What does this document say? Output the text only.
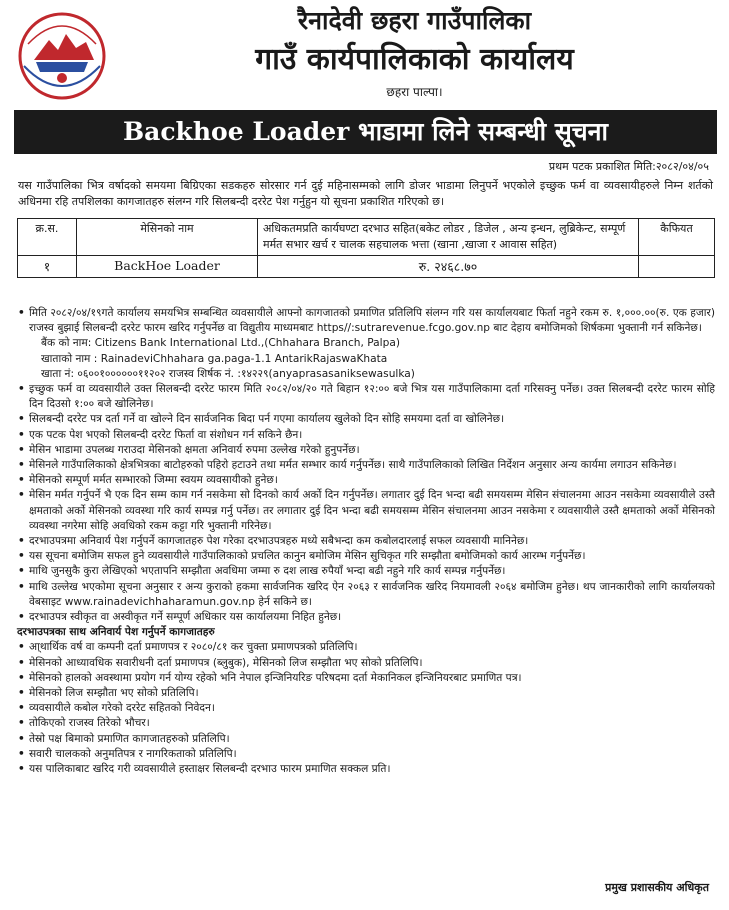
रैनादेवी छहरा गाउँपालिका
गाउँ कार्यपालिकाको कार्यालय
छहरा पाल्पा।
Backhoe Loader भाडामा लिने सम्बन्धी सूचना
प्रथम पटक प्रकाशित मिति:२०८२/०४/०५
यस गाउँपालिका भित्र वर्षादको समयमा बिग्रिएका सडकहरु सोरसार गर्न दुई महिनासम्मको लागि डोजर भाडामा लिनुपर्ने भएकोले इच्छुक फर्म वा व्यवसायीहरुले निम्न शर्तको अधिनमा रहि तपशिलका कागजातहरु संलग्न गरि सिलबन्दी दररेट पेश गर्नुहुन यो सूचना प्रकाशित गरिएको छ।
क्र.स.	मेसिनको नाम	अधिकतमप्रति कार्यघण्टा दरभाउ सहित(बकेट लोडर , डिजेल , अन्य इन्धन, लुब्रिकेन्ट, सम्पूर्ण मर्मत सभार खर्च र चालक सहचालक भत्ता (खाना ,खाजा र आवास सहित)	कैफियत
१	BackHoe Loader	रु. २४६८.७०	
• मिति २०८२/०४/१९गते कार्यालय समयभित्र सम्बन्धित व्यवसायीले आफ्नो कागजातको प्रमाणित प्रतिलिपि संलग्न गरि यस कार्यालयबाट फिर्ता नहुने रकम रु. १,०००.००(रु. एक हजार) राजस्व बुझाई सिलबन्दी दररेट फारम खरिद गर्नुपर्नेछ वा विद्युतीय माध्यमबाट https//:sutrarevenue.fcgo.gov.np बाट देहाय बमोजिमको शिर्षकमा भुक्तानी गर्न सकिनेछ।
बैंक को नाम: Citizens Bank International Ltd.,(Chhahara Branch, Palpa)
खाताको नाम : RainadeviChhahara ga.paga-1.1 AntarikRajaswaKhata
खाता नं: ०६००१००००००११२०२ राजस्व शिर्षक नं. :१४२२९(anyaprasasaniksewasulka)
• इच्छुक फर्म वा व्यवसायीले उक्त सिलबन्दी दररेट फारम मिति २०८२/०४/२० गते बिहान १२:०० बजे भित्र यस गाउँपालिकामा दर्ता गरिसक्नु पर्नेछ। उक्त सिलबन्दी दररेट फारम सोहि दिन दिउसो १:०० बजे खोलिनेछ।
• सिलबन्दी दररेट पत्र दर्ता गर्ने वा खोल्ने दिन सार्वजनिक बिदा पर्न गएमा कार्यालय खुलेको दिन सोहि समयमा दर्ता वा खोलिनेछ।
• एक पटक पेश भएको सिलबन्दी दररेट फिर्ता वा संशोधन गर्न सकिने छैन।
• मेसिन भाडामा उपलब्ध गराउदा मेसिनको क्षमता अनिवार्य रुपमा उल्लेख गरेको हुनुपर्नेछ।
• मेसिनले गाउँपालिकाको क्षेत्रभित्रका बाटोहरुको पहिरो हटाउने तथा मर्मत सम्भार कार्य गर्नुपर्नेछ। साथै गाउँपालिकाको लिखित निर्देशन अनुसार अन्य कार्यमा लगाउन सकिनेछ।
• मेसिनको सम्पूर्ण मर्मत सम्भारको जिम्मा स्वयम व्यवसायीको हुनेछ।
• मेसिन मर्मत गर्नुपर्ने भै एक दिन सम्म काम गर्न नसकेमा सो दिनको कार्य अर्को दिन गर्नुपर्नेछ। लगातार दुई दिन भन्दा बढी समयसम्म मेसिन संचालनमा आउन नसकेमा व्यवसायीले उस्तै क्षमताको अर्को मेसिनको व्यवस्था गरि कार्य सम्पन्न गर्नु पर्नेछ। तर लगातार दुई दिन भन्दा बढी समयसम्म मेसिन संचालनमा आउन नसकेमा र व्यवसायीले उस्तै क्षमताको अर्को मेसिनको व्यवस्था नगरेमा सोहि अवधिको रकम कट्टा गरि भुक्तानी गरिनेछ।
• दरभाउपत्रमा अनिवार्य पेश गर्नुपर्ने कागजातहरु पेश गरेका दरभाउपत्रहरु मध्ये सबैभन्दा कम कबोलदारलाई सफल व्यवसायी मानिनेछ।
• यस सूचना बमोजिम सफल हुने व्यवसायीले गाउँपालिकाको प्रचलित कानुन बमोजिम मेसिन सुचिकृत गरि सम्झौता बमोजिमको कार्य आरम्भ गर्नुपर्नेछ।
• माथि जुनसुकै कुरा लेखिएको भएतापनि सम्झौता अवधिमा जम्मा रु दश लाख रुपैयाँ भन्दा बढी नहुने गरि कार्य सम्पन्न गर्नुपर्नेछ।
• माथि उल्लेख भएकोमा सूचना अनुसार र अन्य कुराको हकमा सार्वजनिक खरिद ऐन २०६३ र सार्वजनिक खरिद नियमावली २०६४ बमोजिम हुनेछ। थप जानकारीको लागि कार्यालयको वेबसाइट www.rainadevichhaharamun.gov.np हेर्न सकिने छ।
• दरभाउपत्र स्वीकृत वा अस्वीकृत गर्ने सम्पूर्ण अधिकार यस कार्यालयमा निहित हुनेछ।
दरभाउपत्रका साथ अनिवार्य पेश गर्नुपर्ने कागजातहरु
• आ्थार्थिक वर्ष वा कम्पनी दर्ता प्रमाणपत्र र २०८०/८१ कर चुक्ता प्रमाणपत्रको प्रतिलिपि।
• मेसिनको आध्यावधिक सवारीधनी दर्ता प्रमाणपत्र (ब्लुबुक), मेसिनको लिज सम्झौता भए सोको प्रतिलिपि।
• मेसिनको हालको अवस्थामा प्रयोग गर्न योग्य रहेको भनि नेपाल इन्जिनियरिङ परिषदमा दर्ता मेकानिकल इन्जिनियरबाट प्रमाणित पत्र।
• मेसिनको लिज सम्झौता भए सोको प्रतिलिपि।
• व्यवसायीले कबोल गरेको दररेट सहितको निवेदन।
• तोकिएको राजस्व तिरेको भौचर।
• तेस्रो पक्ष बिमाको प्रमाणित कागजातहरुको प्रतिलिपि।
• सवारी चालकको अनुमतिपत्र र नागरिकताको प्रतिलिपि।
• यस पालिकाबाट खरिद गरी व्यवसायीले हस्ताक्षर सिलबन्दी दरभाउ फारम प्रमाणित सक्कल प्रति।
प्रमुख प्रशासकीय अधिकृत
